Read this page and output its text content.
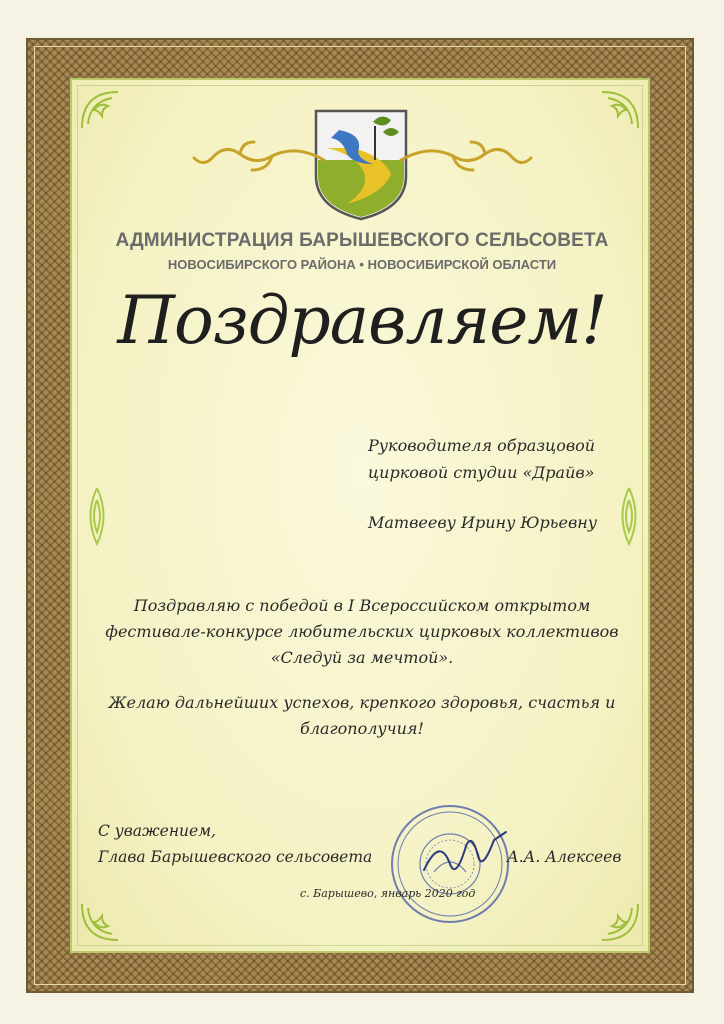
АДМИНИСТРАЦИЯ БАРЫШЕВСКОГО СЕЛЬСОВЕТА
НОВОСИБИРСКОГО РАЙОНА • НОВОСИБИРСКОЙ ОБЛАСТИ
Поздравляем!
Руководителя образцовой
цирковой студии «Драйв»
Матвееву Ирину Юрьевну
Поздравляю с победой в I Всероссийском открытом фестивале-конкурсе любительских цирковых коллективов «Следуй за мечтой».
Желаю дальнейших успехов, крепкого здоровья, счастья и благополучия!
С уважением,
Глава Барышевского сельсовета	А.А. Алексеев
с. Барышево, январь 2020 год
